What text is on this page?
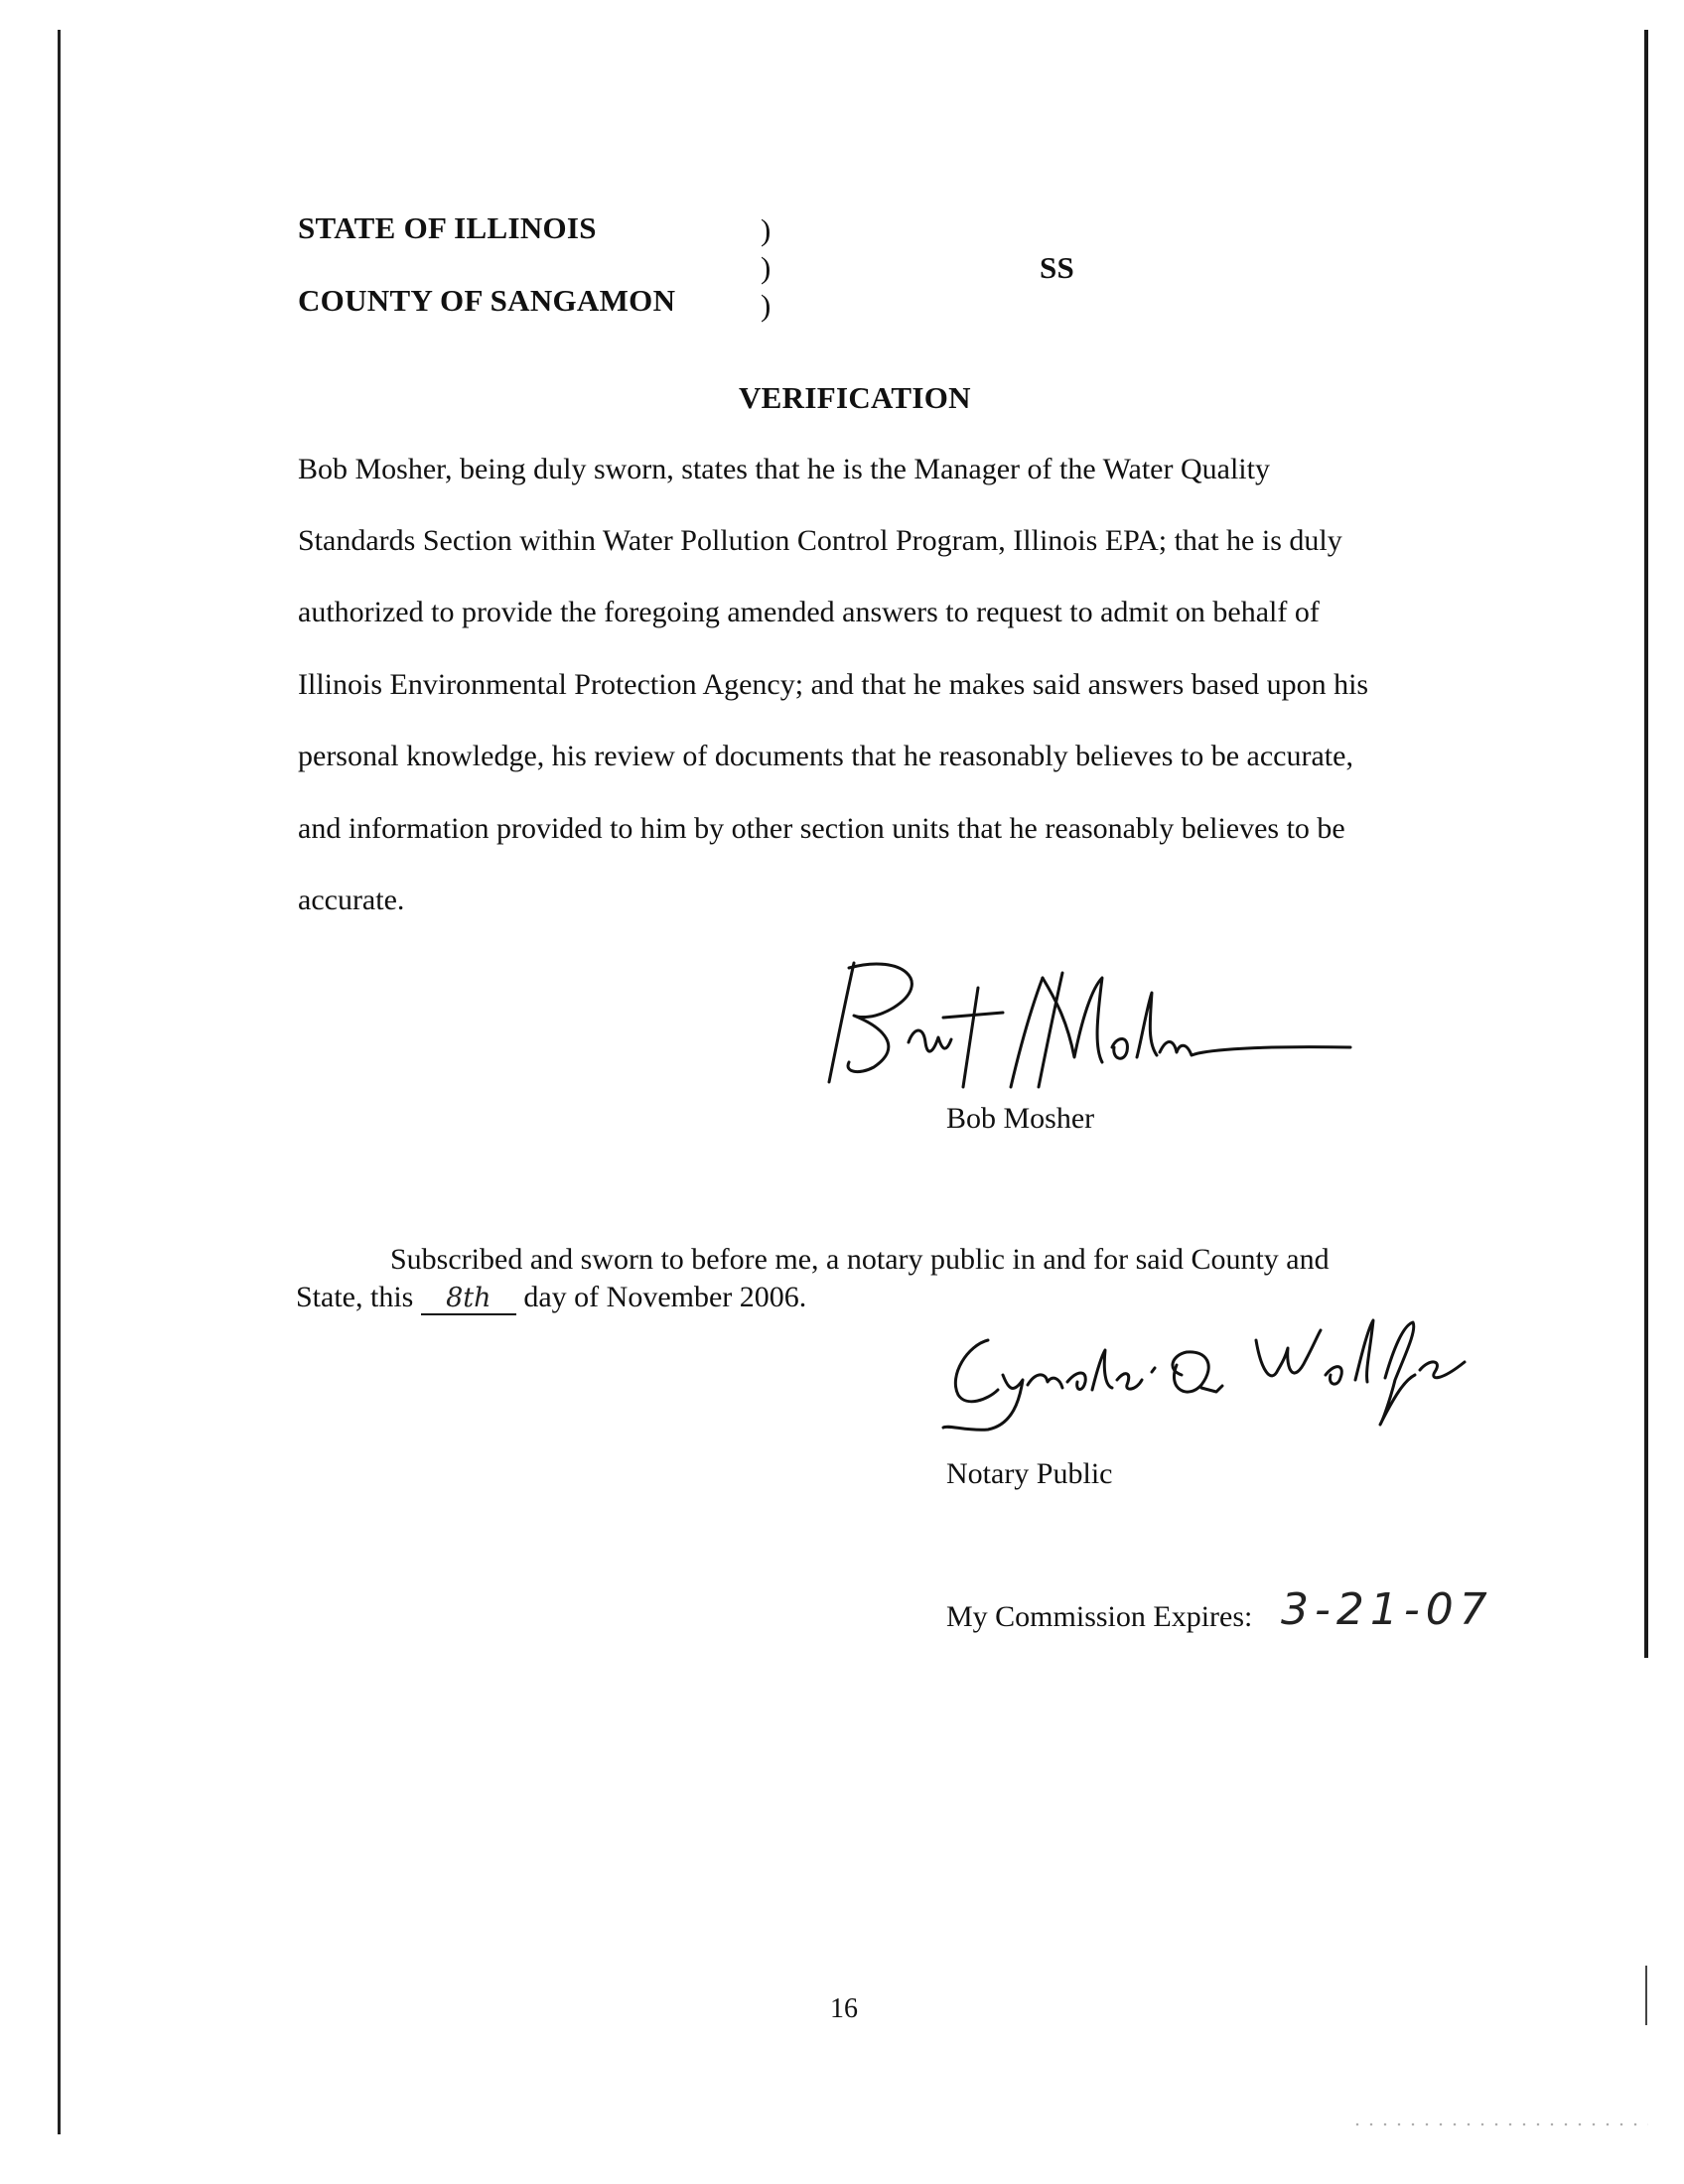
STATE OF ILLINOIS
COUNTY OF SANGAMON
)
)
)
SS
VERIFICATION
Bob Mosher, being duly sworn, states that he is the Manager of the Water Quality
Standards Section within Water Pollution Control Program, Illinois EPA; that he is duly
authorized to provide the foregoing amended answers to request to admit on behalf of
Illinois Environmental Protection Agency; and that he makes said answers based upon his
personal knowledge, his review of documents that he reasonably believes to be accurate,
and information provided to him by other section units that he reasonably believes to be
accurate.
Bob Mosher
Subscribed and sworn to before me, a notary public in and for said County and
State, this 8th day of November 2006.
Notary Public
My Commission Expires: 3-21-07
16
